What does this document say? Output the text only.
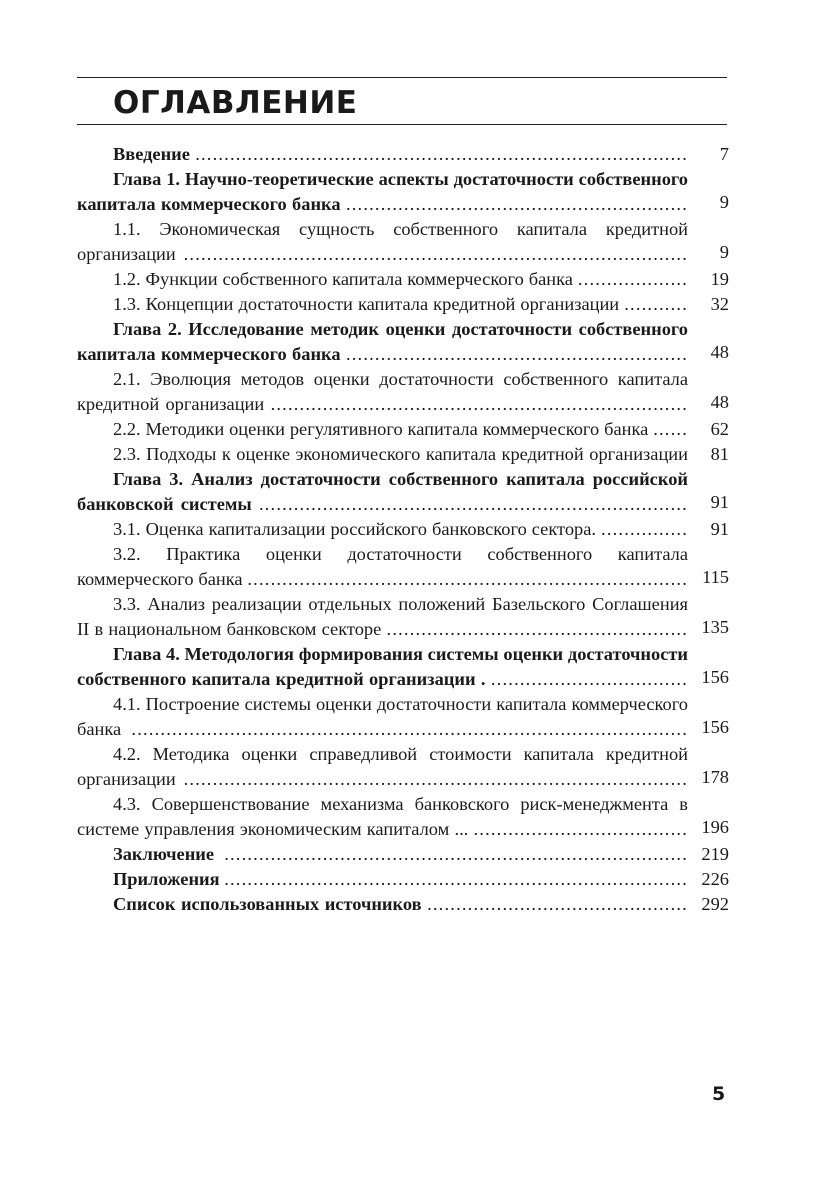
ОГЛАВЛЕНИЕ
Введение .....................................................................................	7
Глава 1. Научно-теоретические аспекты достаточности собственного капитала коммерческого банка ...........................................................	9
1.1. Экономическая сущность собственного капитала кредитной организации .......................................................................................	9
1.2. Функции собственного капитала коммерческого банка ...................	19
1.3. Концепции достаточности капитала кредитной организации ...........	32
Глава 2. Исследование методик оценки достаточности собственного капитала коммерческого банка ...........................................................	48
2.1. Эволюция методов оценки достаточности собственного капитала кредитной организации ........................................................................	48
2.2. Методики оценки регулятивного капитала коммерческого банка ......	62
2.3. Подходы к оценке экономического капитала кредитной организации	81
Глава 3. Анализ достаточности собственного капитала российской банковской системы ..........................................................................	91
3.1. Оценка капитализации российского банковского сектора. ...............	91
3.2. Практика оценки достаточности собственного капитала коммерческого банка ............................................................................ 115
3.3. Анализ реализации отдельных положений Базельского Соглашения II в национальном банковском секторе .................................................... 135
Глава 4. Методология формирования системы оценки достаточности собственного капитала кредитной организации . .................................. 156
4.1. Построение системы оценки достаточности капитала коммерческого банка ................................................................................................ 156
4.2. Методика оценки справедливой стоимости капитала кредитной организации ....................................................................................... 178
4.3. Совершенствование механизма банковского риск-менеджмента в системе управления экономическим капиталом ... ..................................... 196
Заключение ................................................................................ 219
Приложения ................................................................................ 226
Список использованных источников ............................................. 292
5
